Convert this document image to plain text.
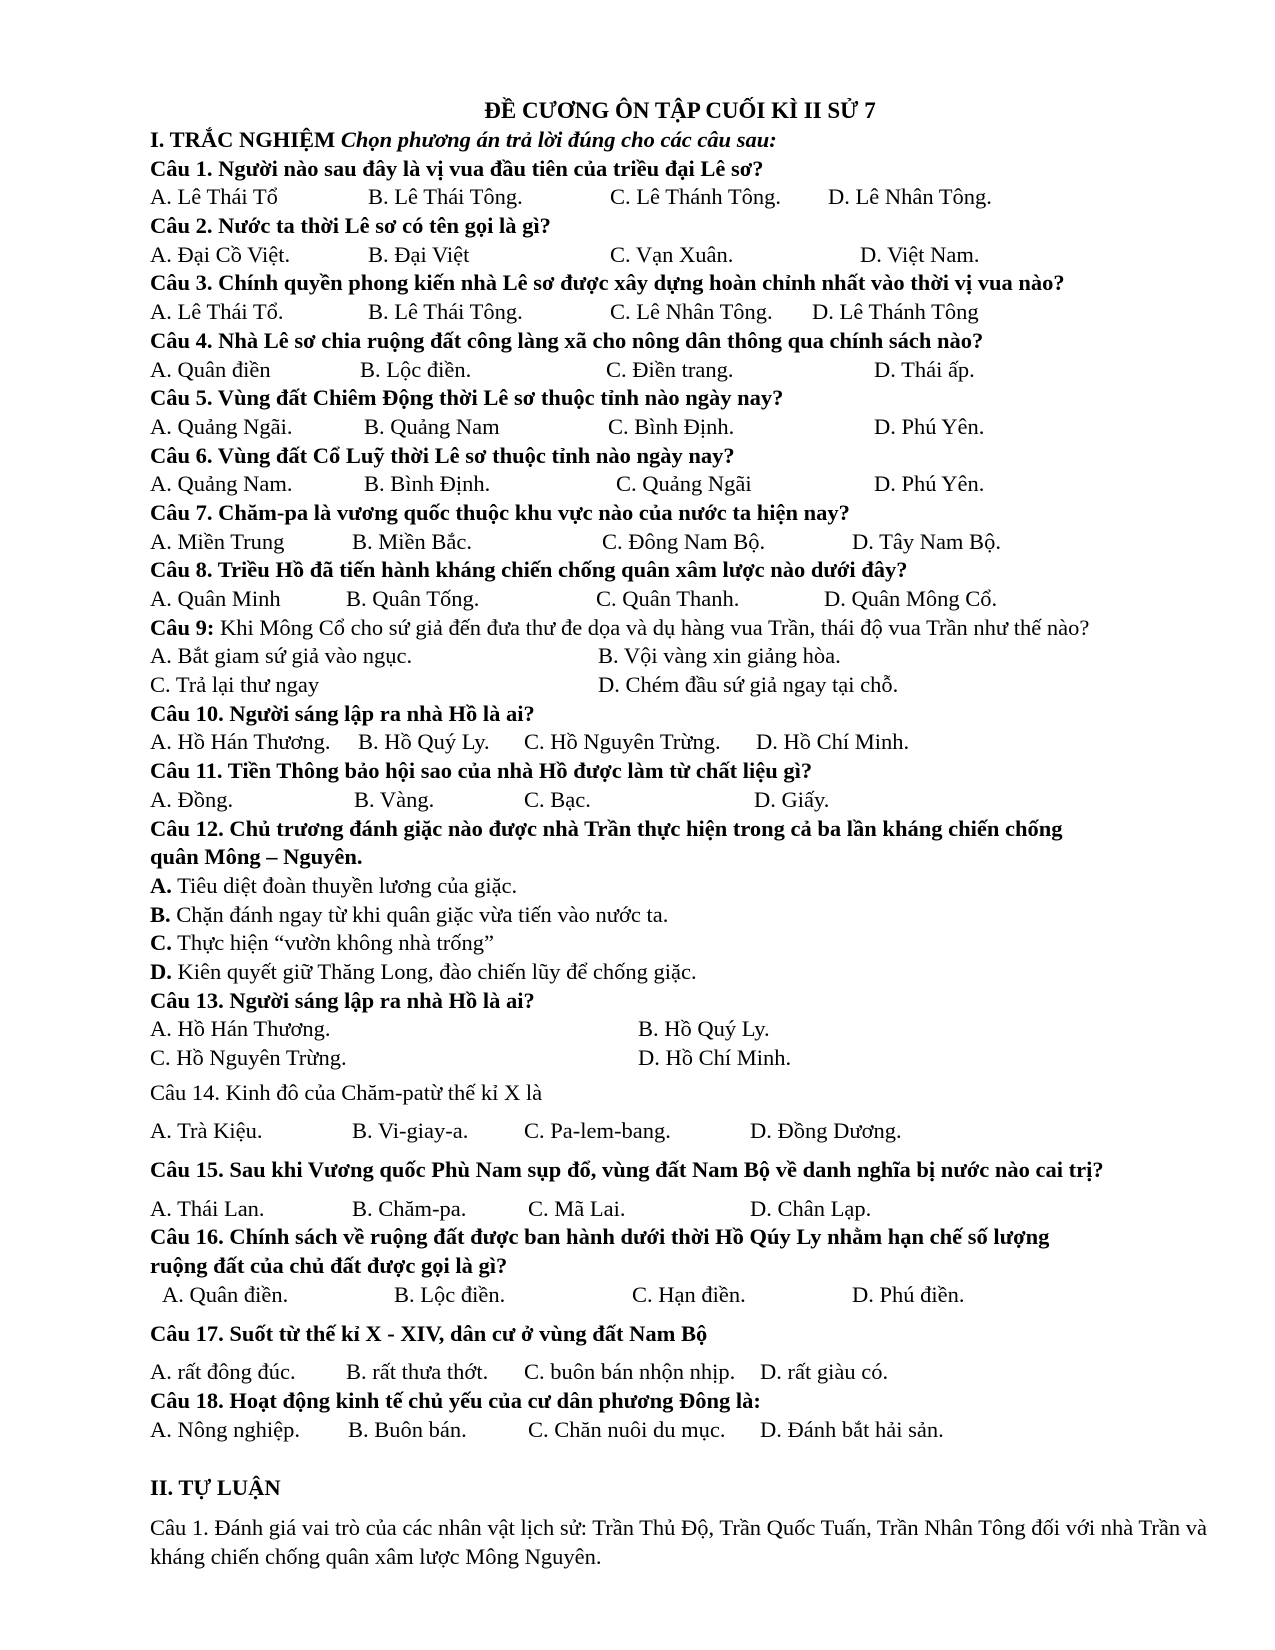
ĐỀ CƯƠNG ÔN TẬP CUỐI KÌ II SỬ 7
I. TRẮC NGHIỆM Chọn phương án trả lời đúng cho các câu sau:
Câu 1. Người nào sau đây là vị vua đầu tiên của triều đại Lê sơ?
A. Lê Thái Tổ	B. Lê Thái Tông.	C. Lê Thánh Tông. D. Lê Nhân Tông.
Câu 2. Nước ta thời Lê sơ có tên gọi là gì?
A. Đại Cồ Việt.	B. Đại Việt	C. Vạn Xuân.	D. Việt Nam.
Câu 3. Chính quyền phong kiến nhà Lê sơ được xây dựng hoàn chỉnh nhất vào thời vị vua nào?
A. Lê Thái Tổ.	B. Lê Thái Tông.	C. Lê Nhân Tông. D. Lê Thánh Tông
Câu 4. Nhà Lê sơ chia ruộng đất công làng xã cho nông dân thông qua chính sách nào?
A. Quân điền	B. Lộc điền.	C. Điền trang.	D. Thái ấp.
Câu 5. Vùng đất Chiêm Động thời Lê sơ thuộc tỉnh nào ngày nay?
A. Quảng Ngãi.	B. Quảng Nam	C. Bình Định.	D. Phú Yên.
Câu 6. Vùng đất Cổ Luỹ thời Lê sơ thuộc tỉnh nào ngày nay?
A. Quảng Nam.	B. Bình Định.	C. Quảng Ngãi	D. Phú Yên.
Câu 7. Chăm-pa là vương quốc thuộc khu vực nào của nước ta hiện nay?
A. Miền Trung	B. Miền Bắc.	C. Đông Nam Bộ.	D. Tây Nam Bộ.
Câu 8. Triều Hồ đã tiến hành kháng chiến chống quân xâm lược nào dưới đây?
A. Quân Minh	B. Quân Tống.	C. Quân Thanh.	D. Quân Mông Cổ.
Câu 9: Khi Mông Cổ cho sứ giả đến đưa thư đe dọa và dụ hàng vua Trần, thái độ vua Trần như thế nào?
A. Bắt giam sứ giả vào ngục.	B. Vội vàng xin giảng hòa.
C. Trả lại thư ngay	D. Chém đầu sứ giả ngay tại chỗ.
Câu 10. Người sáng lập ra nhà Hồ là ai?
A. Hồ Hán Thương. B. Hồ Quý Ly. C. Hồ Nguyên Trừng. D. Hồ Chí Minh.
Câu 11. Tiền Thông bảo hội sao của nhà Hồ được làm từ chất liệu gì?
A. Đồng.	B. Vàng.	C. Bạc.	D. Giấy.
Câu 12. Chủ trương đánh giặc nào được nhà Trần thực hiện trong cả ba lần kháng chiến chống
quân Mông – Nguyên.
A. Tiêu diệt đoàn thuyền lương của giặc.
B. Chặn đánh ngay từ khi quân giặc vừa tiến vào nước ta.
C. Thực hiện “vườn không nhà trống”
D. Kiên quyết giữ Thăng Long, đào chiến lũy để chống giặc.
Câu 13. Người sáng lập ra nhà Hồ là ai?
A. Hồ Hán Thương.	B. Hồ Quý Ly.
C. Hồ Nguyên Trừng.	D. Hồ Chí Minh.
Câu 14. Kinh đô của Chăm-patừ thế kỉ X là
A. Trà Kiệu.	B. Vi-giay-a. C. Pa-lem-bang.	D. Đồng Dương.
Câu 15. Sau khi Vương quốc Phù Nam sụp đổ, vùng đất Nam Bộ về danh nghĩa bị nước nào cai trị?
A. Thái Lan.	B. Chăm-pa.	C. Mã Lai.	D. Chân Lạp.
Câu 16. Chính sách về ruộng đất được ban hành dưới thời Hồ Qúy Ly nhằm hạn chế số lượng
ruộng đất của chủ đất được gọi là gì?
A. Quân điền.	B. Lộc điền.	C. Hạn điền.	D. Phú điền.
Câu 17. Suốt từ thế kỉ X - XIV, dân cư ở vùng đất Nam Bộ
A. rất đông đúc. B. rất thưa thớt. C. buôn bán nhộn nhịp. D. rất giàu có.
Câu 18. Hoạt động kinh tế chủ yếu của cư dân phương Đông là:
A. Nông nghiệp. B. Buôn bán.	C. Chăn nuôi du mục. D. Đánh bắt hải sản.
II. TỰ LUẬN
Câu 1. Đánh giá vai trò của các nhân vật lịch sử: Trần Thủ Độ, Trần Quốc Tuấn, Trần Nhân Tông đối với nhà Trần và kháng chiến chống quân xâm lược Mông Nguyên.
